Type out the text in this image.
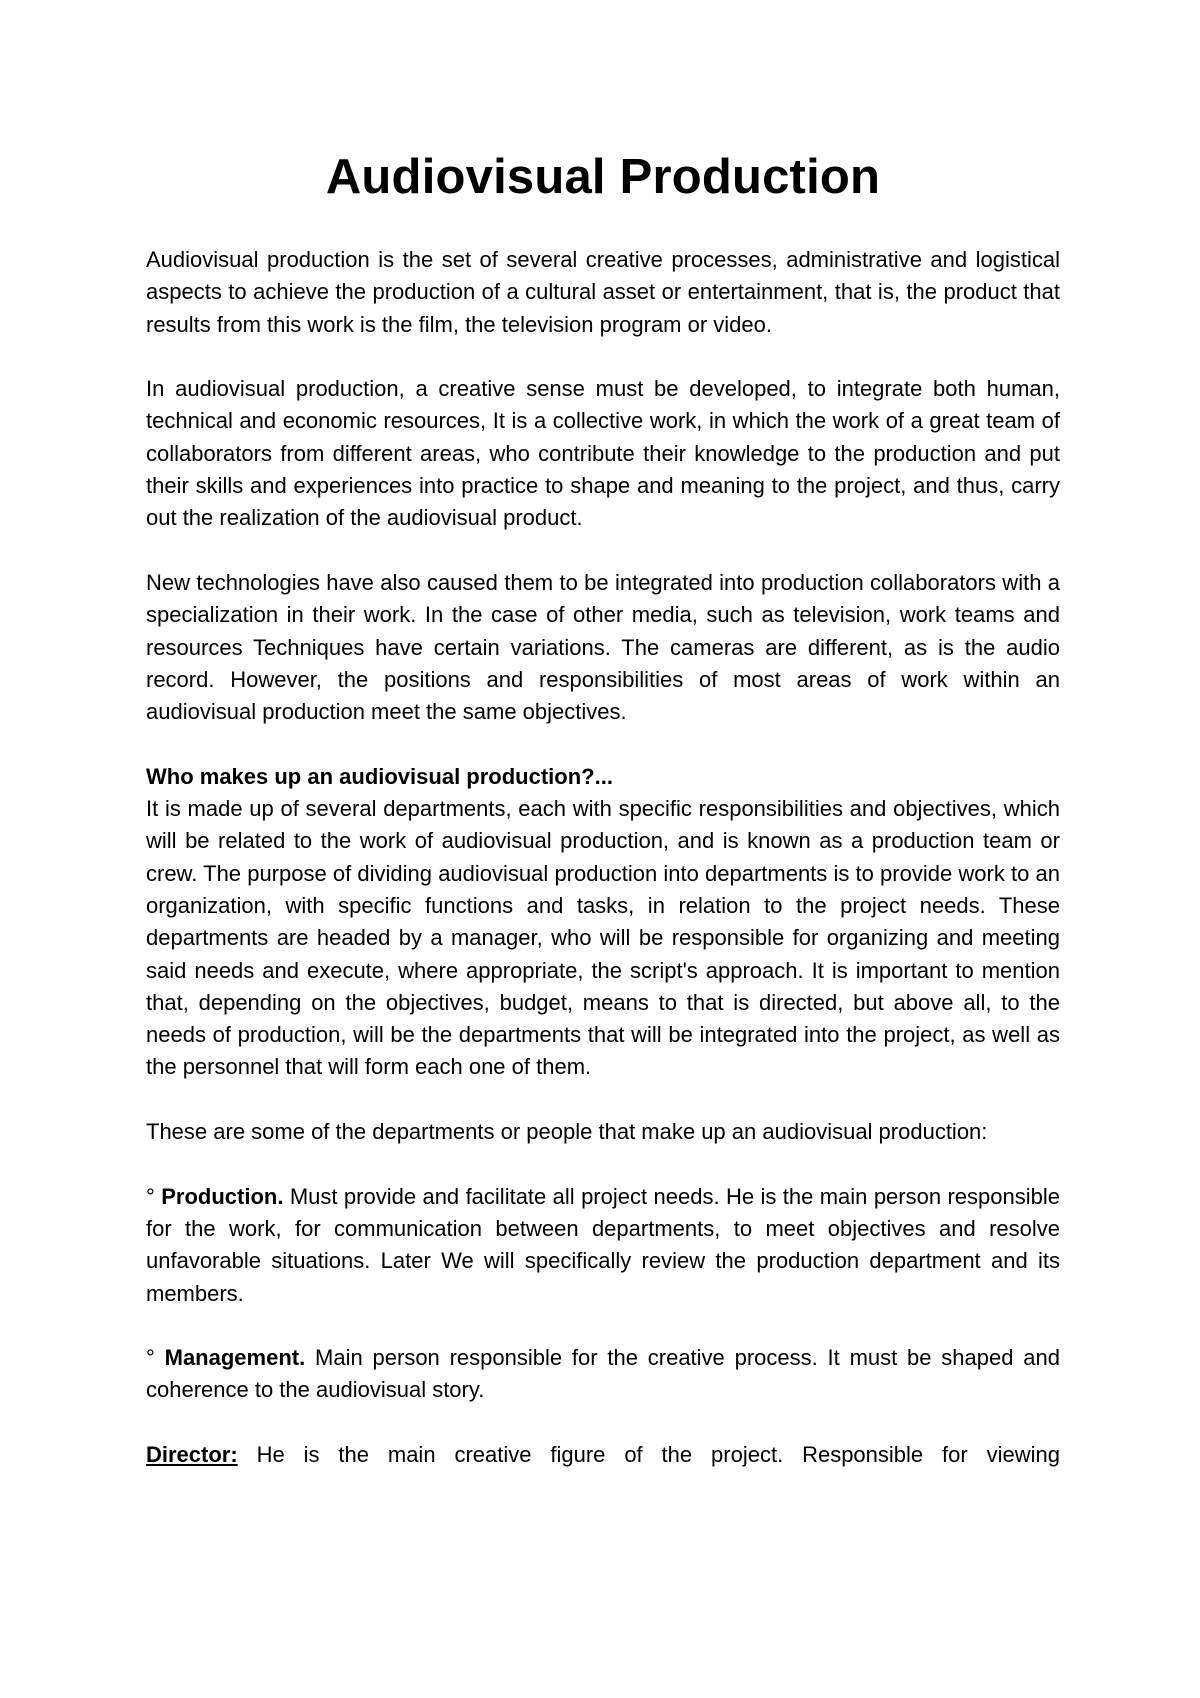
Audiovisual Production

Audiovisual production is the set of several creative processes, administrative and logistical aspects to achieve the production of a cultural asset or entertainment, that is, the product that results from this work is the film, the television program or video.

In audiovisual production, a creative sense must be developed, to integrate both human, technical and economic resources, It is a collective work, in which the work of a great team of collaborators from different areas, who contribute their knowledge to the production and put their skills and experiences into practice to shape and meaning to the project, and thus, carry out the realization of the audiovisual product.

New technologies have also caused them to be integrated into production collaborators with a specialization in their work. In the case of other media, such as television, work teams and resources Techniques have certain variations. The cameras are different, as is the audio record. However, the positions and responsibilities of most areas of work within an audiovisual production meet the same objectives.

Who makes up an audiovisual production?...

It is made up of several departments, each with specific responsibilities and objectives, which will be related to the work of audiovisual production, and is known as a production team or crew. The purpose of dividing audiovisual production into departments is to provide work to an organization, with specific functions and tasks, in relation to the project needs. These departments are headed by a manager, who will be responsible for organizing and meeting said needs and execute, where appropriate, the script's approach. It is important to mention that, depending on the objectives, budget, means to that is directed, but above all, to the needs of production, will be the departments that will be integrated into the project, as well as the personnel that will form each one of them.

These are some of the departments or people that make up an audiovisual production:

° Production. Must provide and facilitate all project needs. He is the main person responsible for the work, for communication between departments, to meet objectives and resolve unfavorable situations. Later We will specifically review the production department and its members.

° Management. Main person responsible for the creative process. It must be shaped and coherence to the audiovisual story.

Director: He is the main creative figure of the project. Responsible for viewing
